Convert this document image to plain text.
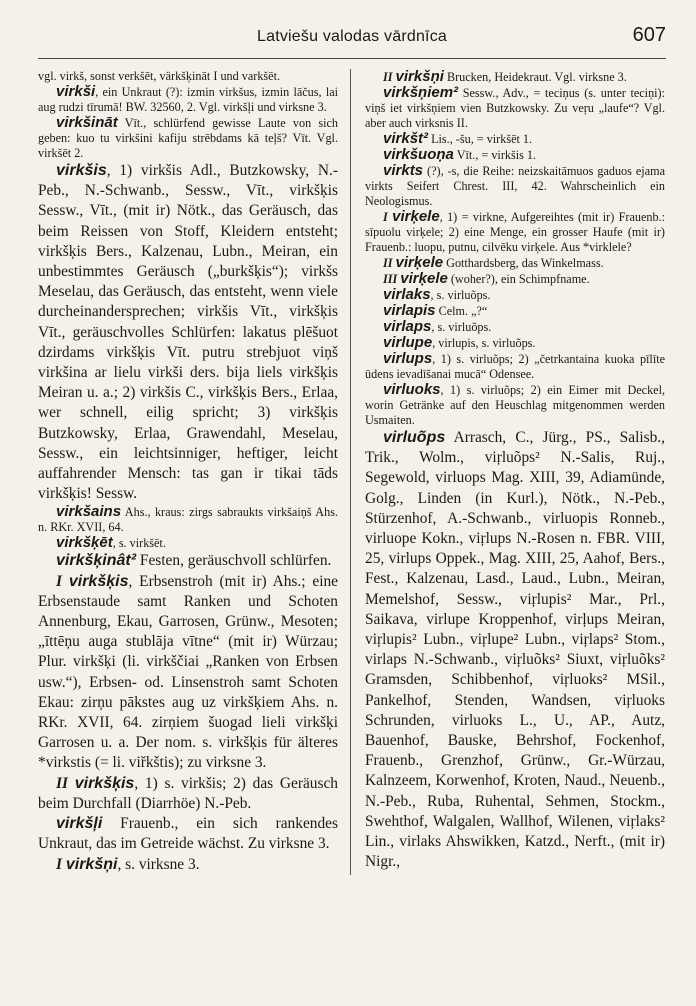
Latviešu valodas vārdnīca	607

vgl. virkš, sonst verkšēt, värkšķināt I und varkšēt.

virkši, ein Unkraut (?): izmin virkšus, izmin lāčus, lai aug rudzi tīrumā! BW. 32560, 2. Vgl. virkšļi und virksne 3.

virkšināt Vīt., schlürfend gewisse Laute von sich geben: kuo tu virkšini kafiju strēbdams kā teļš? Vīt. Vgl. virkšēt 2.

virkšis, 1) virkšis Adl., Butzkowsky, N.-Peb., N.-Schwanb., Sessw., Vīt., virkšķis Sessw., Vīt., (mit ir) Nötk., das Geräusch, das beim Reissen von Stoff, Kleidern entsteht; virkšķis Bers., Kalzenau, Lubn., Meiran, ein unbestimmtes Geräusch („burkšķis“); virkšs Meselau, das Geräusch, das entsteht, wenn viele durcheinandersprechen; virkšis Vīt., virkšķis Vīt., geräuschvolles Schlürfen: lakatus plēšuot dzirdams virkšķis Vīt. putru strebjuot viņš virkšina ar lielu virkši ders. bija liels virkšķis Meiran u. a.; 2) virkšis C., virkšķis Bers., Erlaa, wer schnell, eilig spricht; 3) virkšķis Butzkowsky, Erlaa, Grawendahl, Meselau, Sessw., ein leichtsinniger, heftiger, leicht auffahrender Mensch: tas gan ir tikai tāds virkšķis! Sessw.

virkšains Ahs., kraus: zirgs sabraukts virkšaiņš Ahs. n. RKr. XVII, 64.

virkšķēt, s. virkšēt.

virkšķinât² Festen, geräuschvoll schlürfen.

I virkšķis, Erbsenstroh (mit ir) Ahs.; eine Erbsenstaude samt Ranken und Schoten Annenburg, Ekau, Garrosen, Grünw., Mesoten; „īttēņu auga stublāja vītne“ (mit ir) Würzau; Plur. virkšķi (li. virkščiai „Ranken von Erbsen usw.“), Erbsen- od. Linsenstroh samt Schoten Ekau: zirņu pākstes aug uz virkšķiem Ahs. n. RKr. XVII, 64. zirņiem šuogad lieli virkšķi Garrosen u. a. Der nom. s. virkšķis für älteres *virkstis (= li. viřkštis); zu virksne 3.

II virkšķis, 1) s. virkšis; 2) das Geräusch beim Durchfall (Diarrhöe) N.-Peb.

virkšļi Frauenb., ein sich rankendes Unkraut, das im Getreide wächst. Zu virksne 3.

I virkšņi, s. virksne 3.

II virkšņi Brucken, Heidekraut. Vgl. virksne 3.

virkšņiem² Sessw., Adv., = teciņus (s. unter teciņi): viņš iet virkšņiem vien Butzkowsky. Zu veŗu „laufe“? Vgl. aber auch virksnis II.

virkšt² Lis., -šu, = virkšēt 1.

virkšuoņa Vīt., = virkšis 1.

virkts (?), -s, die Reihe: neizskaitāmuos gaduos ejama virkts Seifert Chrest. III, 42. Wahrscheinlich ein Neologismus.

I virķele, 1) = virkne, Aufgereihtes (mit ir) Frauenb.: sīpuolu virķele; 2) eine Menge, ein grosser Haufe (mit ir) Frauenb.: luopu, putnu, cilvēku virķele. Aus *virklele?

II virķele Gotthardsberg, das Winkelmass.

III virķele (woher?), ein Schimpfname.

virlaks, s. virluõps.

virlapis Celm. „?“

virlaps, s. virluõps.

virlupe, virlupis, s. virluõps.

virlups, 1) s. virluõps; 2) „četrkantaina kuoka pīlīte ūdens ievadīšanai mucā“ Odensee.

virluoks, 1) s. virluõps; 2) ein Eimer mit Deckel, worin Getränke auf den Heuschlag mitgenommen werden Usmaiten.

virluõps Arrasch, C., Jürg., PS., Salisb., Trik., Wolm., viŗluõps² N.-Salis, Ruj., Segewold, virluops Mag. XIII, 39, Adiamünde, Golg., Linden (in Kurl.), Nötk., N.-Peb., Stürzenhof, A.-Schwanb., virluopis Ronneb., virluope Kokn., viŗlups N.-Rosen n. FBR. VIII, 25, virlups Oppek., Mag. XIII, 25, Aahof, Bers., Fest., Kalzenau, Lasd., Laud., Lubn., Meiran, Memelshof, Sessw., viŗlupis² Mar., Prl., Saikava, virlupe Kroppenhof, virļups Meiran, viŗlupis² Lubn., viŗlupe² Lubn., viŗlaps² Stom., virlaps N.-Schwanb., viŗluõks² Siuxt, viŗluõks² Gramsden, Schibbenhof, viŗluoks² MSil., Pankelhof, Stenden, Wandsen, viŗluoks Schrunden, virluoks L., U., AP., Autz, Bauenhof, Bauske, Behrshof, Fockenhof, Frauenb., Grenzhof, Grünw., Gr.-Würzau, Kalnzeem, Korwenhof, Kroten, Naud., Neuenb., N.-Peb., Ruba, Ruhental, Sehmen, Stockm., Swehthof, Walgalen, Wallhof, Wilenen, viŗlaks² Lin., virlaks Ahswikken, Katzd., Nerft., (mit ir) Nigr.,
